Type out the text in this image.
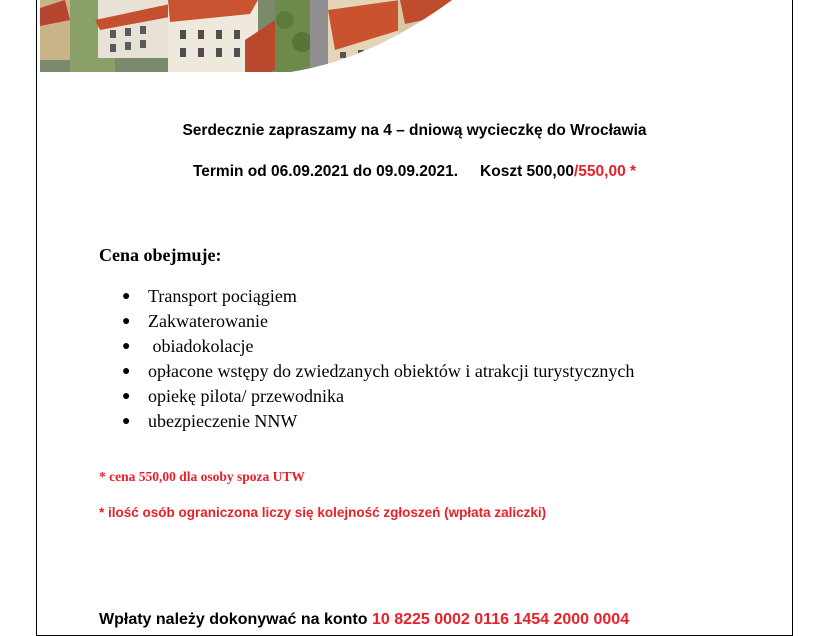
Serdecznie zapraszamy na 4 – dniową wycieczkę do Wrocławia
Termin od 06.09.2021 do 09.09.2021. Koszt 500,00/550,00 *
Cena obejmuje:
● Transport pociągiem
● Zakwaterowanie
● obiadokolacje
● opłacone wstępy do zwiedzanych obiektów i atrakcji turystycznych
● opiekę pilota/ przewodnika
● ubezpieczenie NNW
* cena 550,00 dla osoby spoza UTW
* ilość osób ograniczona liczy się kolejność zgłoszeń (wpłata zaliczki)
Wpłaty należy dokonywać na konto 10 8225 0002 0116 1454 2000 0004
